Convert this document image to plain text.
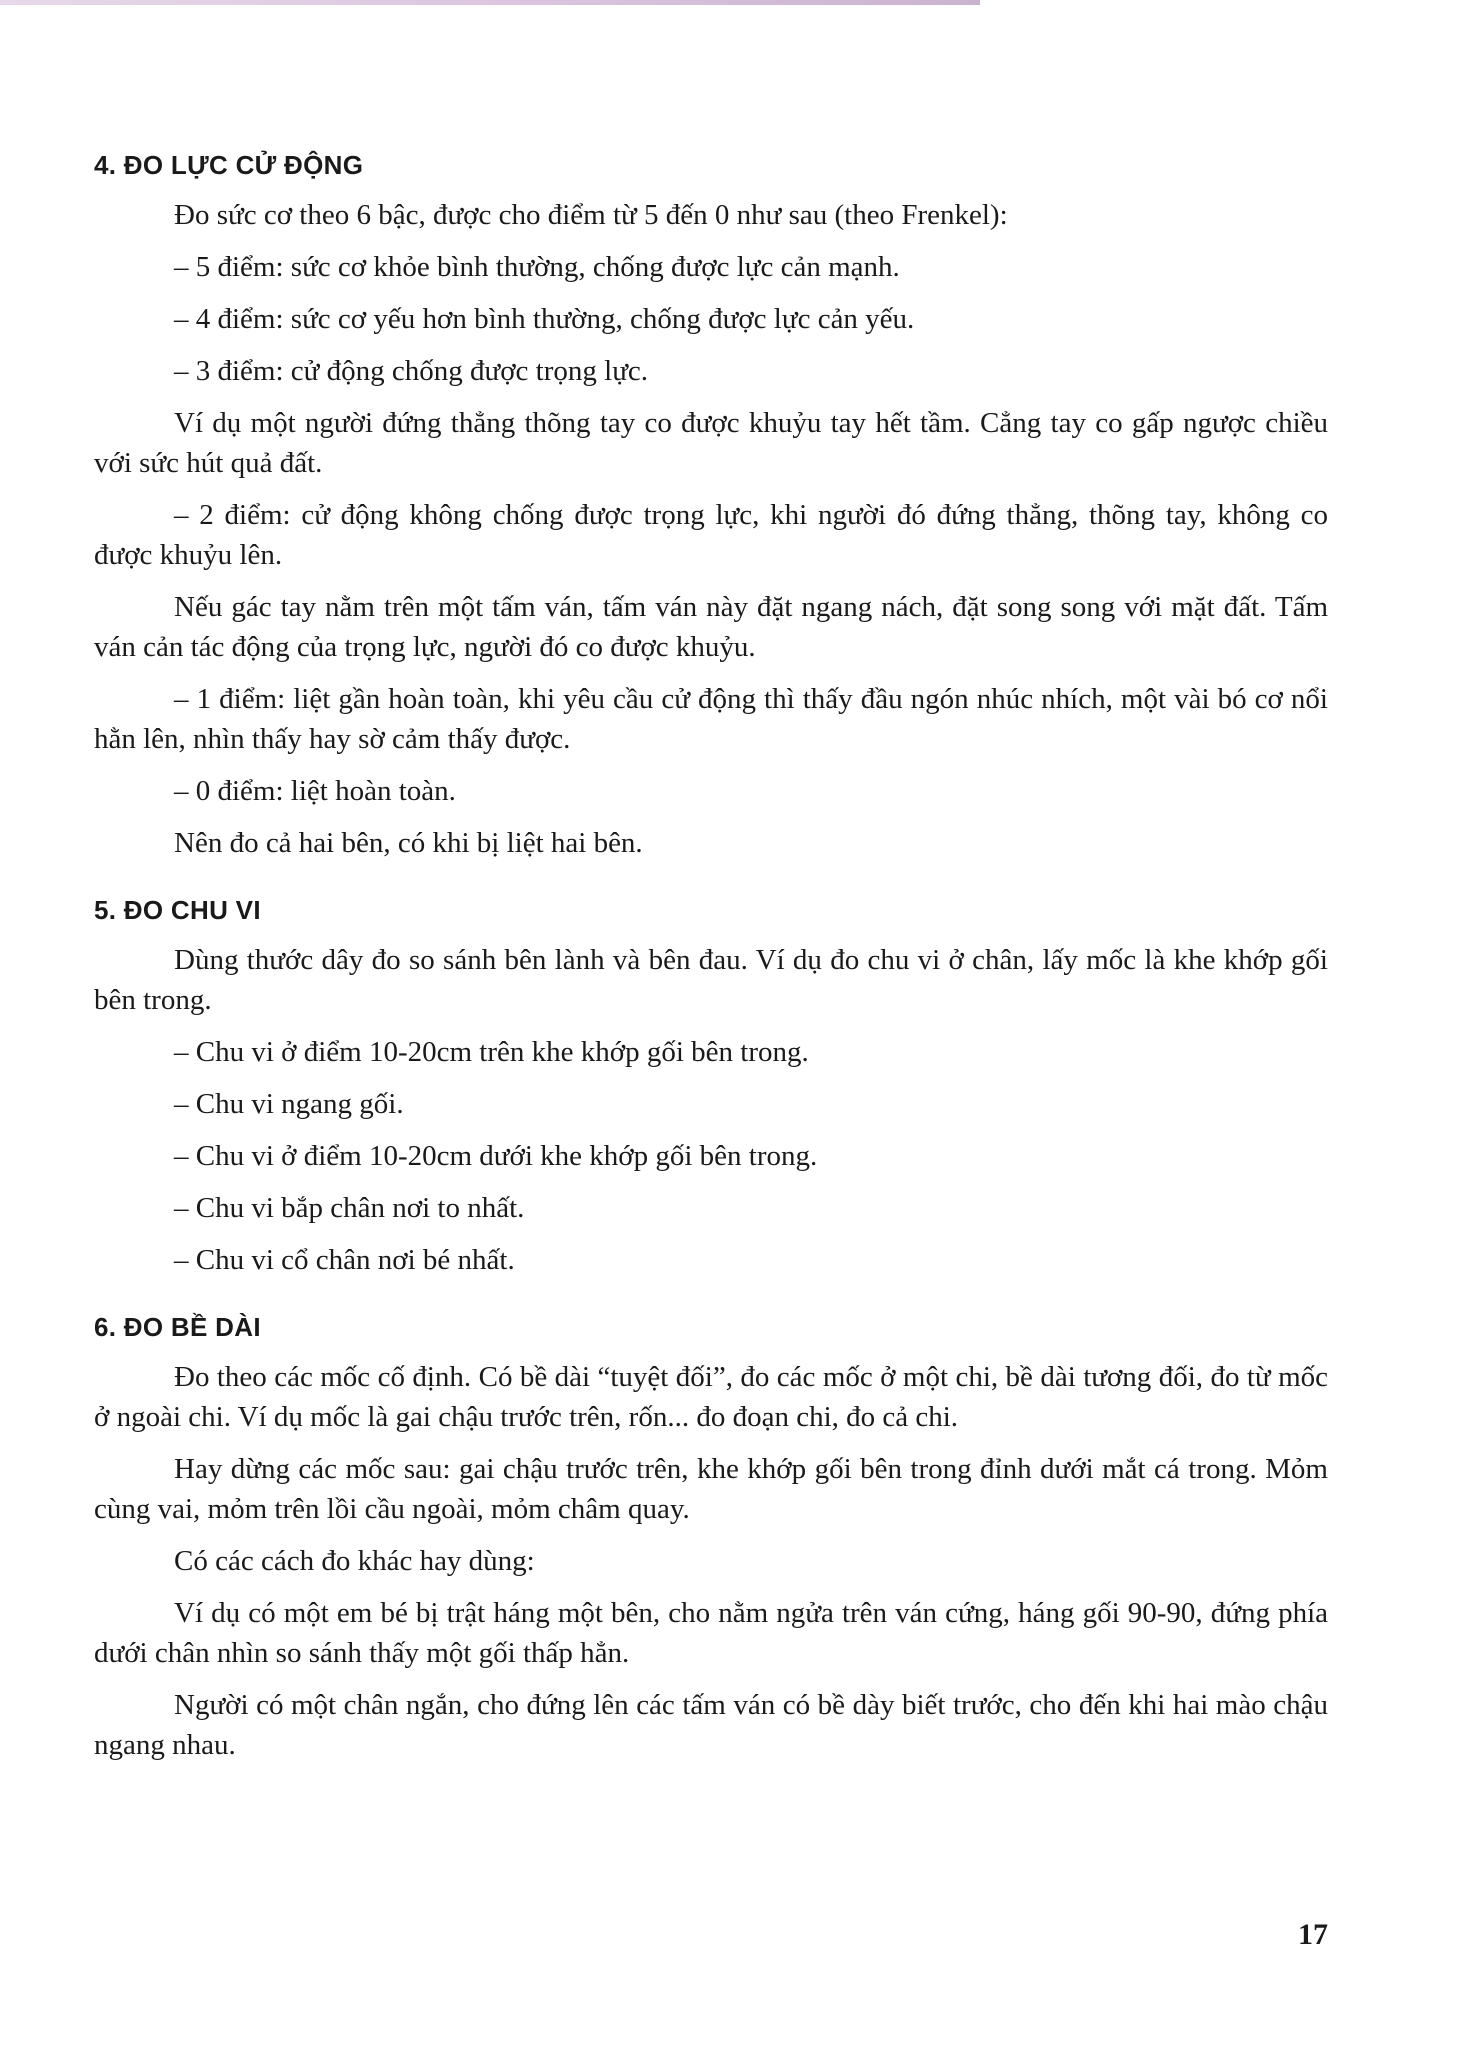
4. ĐO LỰC CỬ ĐỘNG

Đo sức cơ theo 6 bậc, được cho điểm từ 5 đến 0 như sau (theo Frenkel):

– 5 điểm: sức cơ khỏe bình thường, chống được lực cản mạnh.

– 4 điểm: sức cơ yếu hơn bình thường, chống được lực cản yếu.

– 3 điểm: cử động chống được trọng lực.

Ví dụ một người đứng thẳng thõng tay co được khuỷu tay hết tầm. Cẳng tay co gấp ngược chiều với sức hút quả đất.

– 2 điểm: cử động không chống được trọng lực, khi người đó đứng thẳng, thõng tay, không co được khuỷu lên.

Nếu gác tay nằm trên một tấm ván, tấm ván này đặt ngang nách, đặt song song với mặt đất. Tấm ván cản tác động của trọng lực, người đó co được khuỷu.

– 1 điểm: liệt gần hoàn toàn, khi yêu cầu cử động thì thấy đầu ngón nhúc nhích, một vài bó cơ nổi hằn lên, nhìn thấy hay sờ cảm thấy được.

– 0 điểm: liệt hoàn toàn.

Nên đo cả hai bên, có khi bị liệt hai bên.

5. ĐO CHU VI

Dùng thước dây đo so sánh bên lành và bên đau. Ví dụ đo chu vi ở chân, lấy mốc là khe khớp gối bên trong.

– Chu vi ở điểm 10-20cm trên khe khớp gối bên trong.

– Chu vi ngang gối.

– Chu vi ở điểm 10-20cm dưới khe khớp gối bên trong.

– Chu vi bắp chân nơi to nhất.

– Chu vi cổ chân nơi bé nhất.

6. ĐO BỀ DÀI

Đo theo các mốc cố định. Có bề dài “tuyệt đối”, đo các mốc ở một chi, bề dài tương đối, đo từ mốc ở ngoài chi. Ví dụ mốc là gai chậu trước trên, rốn... đo đoạn chi, đo cả chi.

Hay dừng các mốc sau: gai chậu trước trên, khe khớp gối bên trong đỉnh dưới mắt cá trong. Mỏm cùng vai, mỏm trên lồi cầu ngoài, mỏm châm quay.

Có các cách đo khác hay dùng:

Ví dụ có một em bé bị trật háng một bên, cho nằm ngửa trên ván cứng, háng gối 90-90, đứng phía dưới chân nhìn so sánh thấy một gối thấp hẳn.

Người có một chân ngắn, cho đứng lên các tấm ván có bề dày biết trước, cho đến khi hai mào chậu ngang nhau.

17
